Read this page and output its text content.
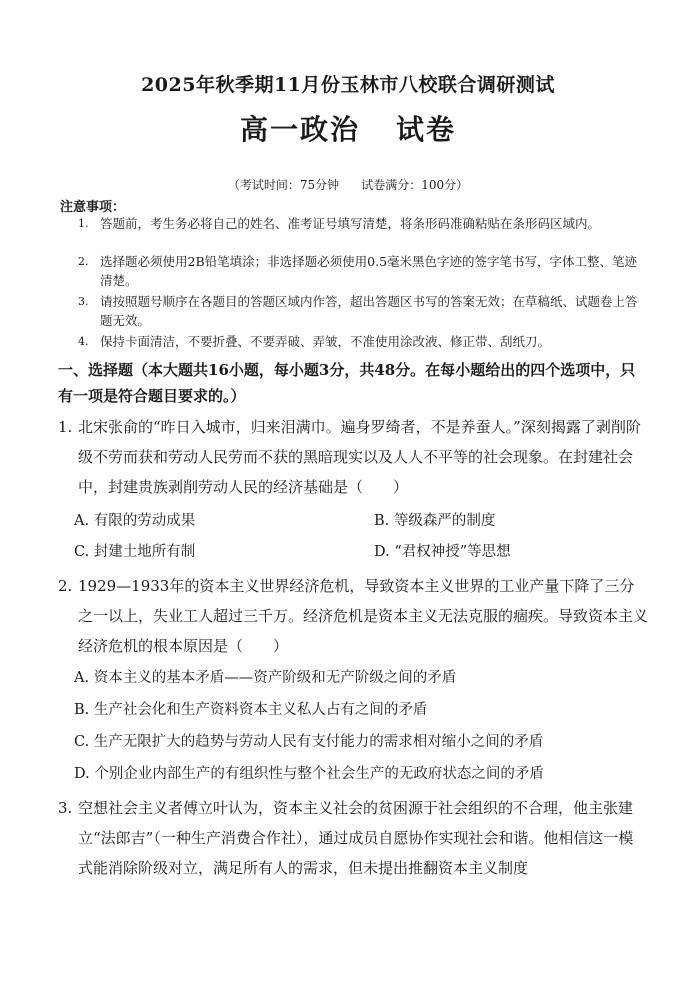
2025年秋季期11月份玉林市八校联合调研测试
高一政治 试卷
（考试时间：75分钟 试卷满分：100分）
注意事项：
1. 答题前，考生务必将自己的姓名、准考证号填写清楚，将条形码准确粘贴在条形码区域内。
2. 选择题必须使用2B铅笔填涂；非选择题必须使用0.5毫米黑色字迹的签字笔书写，字体工整、笔迹清楚。
3. 请按照题号顺序在各题目的答题区域内作答，超出答题区书写的答案无效；在草稿纸、试题卷上答题无效。
4. 保持卡面清洁，不要折叠、不要弄破、弄皱，不准使用涂改液、修正带、刮纸刀。
一、选择题（本大题共16小题，每小题3分，共48分。在每小题给出的四个选项中，只有一项是符合题目要求的。）
1. 北宋张俞的“昨日入城市，归来泪满巾。遍身罗绮者，不是养蚕人。”深刻揭露了剥削阶级不劳而获和劳动人民劳而不获的黑暗现实以及人人不平等的社会现象。在封建社会中，封建贵族剥削劳动人民的经济基础是（　　）
A. 有限的劳动成果	B. 等级森严的制度
C. 封建土地所有制	D. “君权神授”等思想
2. 1929—1933年的资本主义世界经济危机，导致资本主义世界的工业产量下降了三分之一以上，失业工人超过三千万。经济危机是资本主义无法克服的痼疾。导致资本主义经济危机的根本原因是（　　）
A. 资本主义的基本矛盾——资产阶级和无产阶级之间的矛盾
B. 生产社会化和生产资料资本主义私人占有之间的矛盾
C. 生产无限扩大的趋势与劳动人民有支付能力的需求相对缩小之间的矛盾
D. 个别企业内部生产的有组织性与整个社会生产的无政府状态之间的矛盾
3. 空想社会主义者傅立叶认为，资本主义社会的贫困源于社会组织的不合理，他主张建立“法郎吉”（一种生产消费合作社），通过成员自愿协作实现社会和谐。他相信这一模式能消除阶级对立，满足所有人的需求，但未提出推翻资本主义制度
